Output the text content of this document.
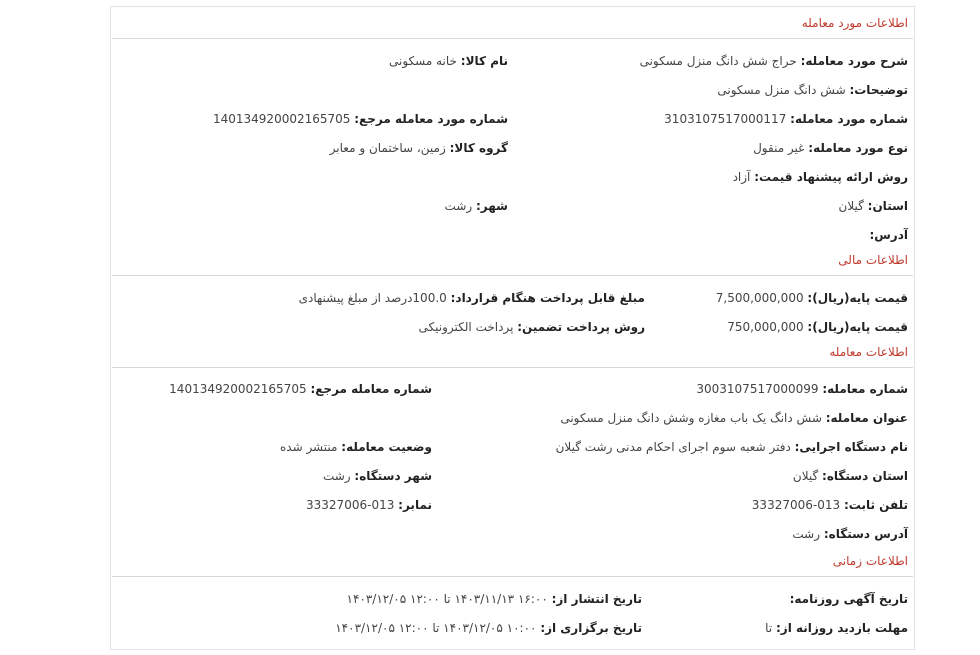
اطلاعات مورد معامله
شرح مورد معامله: حراج شش دانگ منزل مسکونی
نام کالا: خانه مسکونی
توضیحات: شش دانگ منزل مسکونی
شماره مورد معامله: 3103107517000117
شماره مورد معامله مرجع: 140134920002165705
نوع مورد معامله: غیر منقول
گروه کالا: زمین، ساختمان و معابر
روش ارائه پیشنهاد قیمت: آزاد
استان: گیلان
شهر: رشت
آدرس:
اطلاعات مالی
قیمت پایه(ریال): 7,500,000,000
مبلغ قابل پرداخت هنگام قرارداد: 100.0درصد از مبلغ پیشنهادی
قیمت پایه(ریال): 750,000,000
روش پرداخت تضمین: پرداخت الکترونیکی
اطلاعات معامله
شماره معامله: 3003107517000099
شماره معامله مرجع: 140134920002165705
عنوان معامله: شش دانگ یک باب مغازه وشش دانگ منزل مسکونی
نام دستگاه اجرایی: دفتر شعبه سوم اجرای احکام مدنی رشت گیلان
وضعیت معامله: منتشر شده
استان دستگاه: گیلان
شهر دستگاه: رشت
تلفن ثابت: 013-33327006
نمابر: 013-33327006
آدرس دستگاه: رشت
اطلاعات زمانی
تاریخ آگهی روزنامه:
تاریخ انتشار از: ۱۶:۰۰ ۱۴۰۳/۱۱/۱۳ تا ۱۲:۰۰ ۱۴۰۳/۱۲/۰۵
مهلت بازدید روزانه از: تا
تاریخ برگزاری از: ۱۰:۰۰ ۱۴۰۳/۱۲/۰۵ تا ۱۲:۰۰ ۱۴۰۳/۱۲/۰۵
